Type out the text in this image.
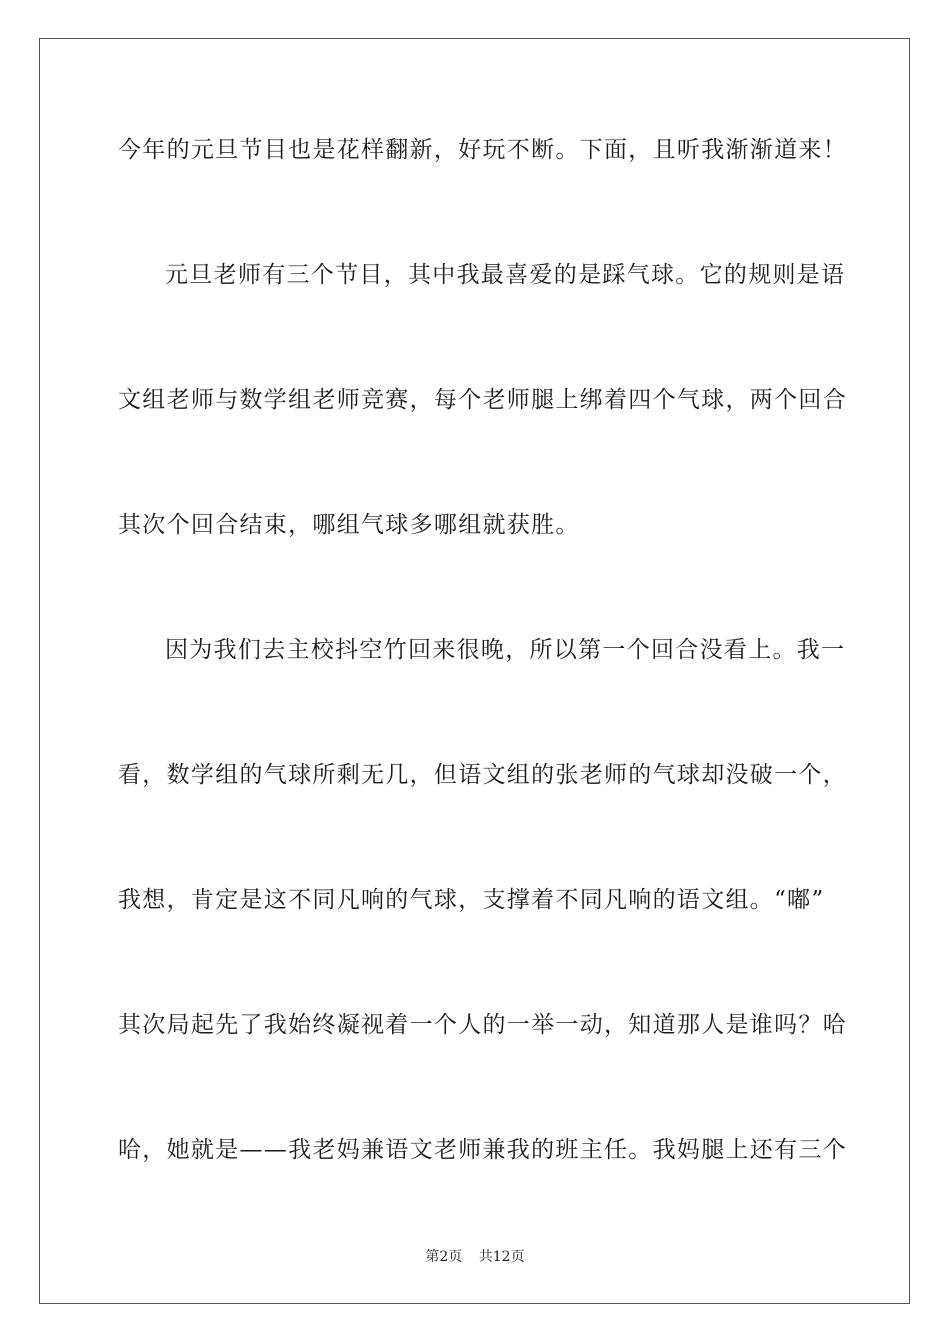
今年的元旦节目也是花样翻新，好玩不断。下面，且听我渐渐道来！
元旦老师有三个节目，其中我最喜爱的是踩气球。它的规则是语
文组老师与数学组老师竞赛，每个老师腿上绑着四个气球，两个回合
其次个回合结束，哪组气球多哪组就获胜。
因为我们去主校抖空竹回来很晚，所以第一个回合没看上。我一
看，数学组的气球所剩无几，但语文组的张老师的气球却没破一个，
我想，肯定是这不同凡响的气球，支撑着不同凡响的语文组。“嘟”
其次局起先了我始终凝视着一个人的一举一动，知道那人是谁吗？哈
哈，她就是——我老妈兼语文老师兼我的班主任。我妈腿上还有三个
第2页 共12页
